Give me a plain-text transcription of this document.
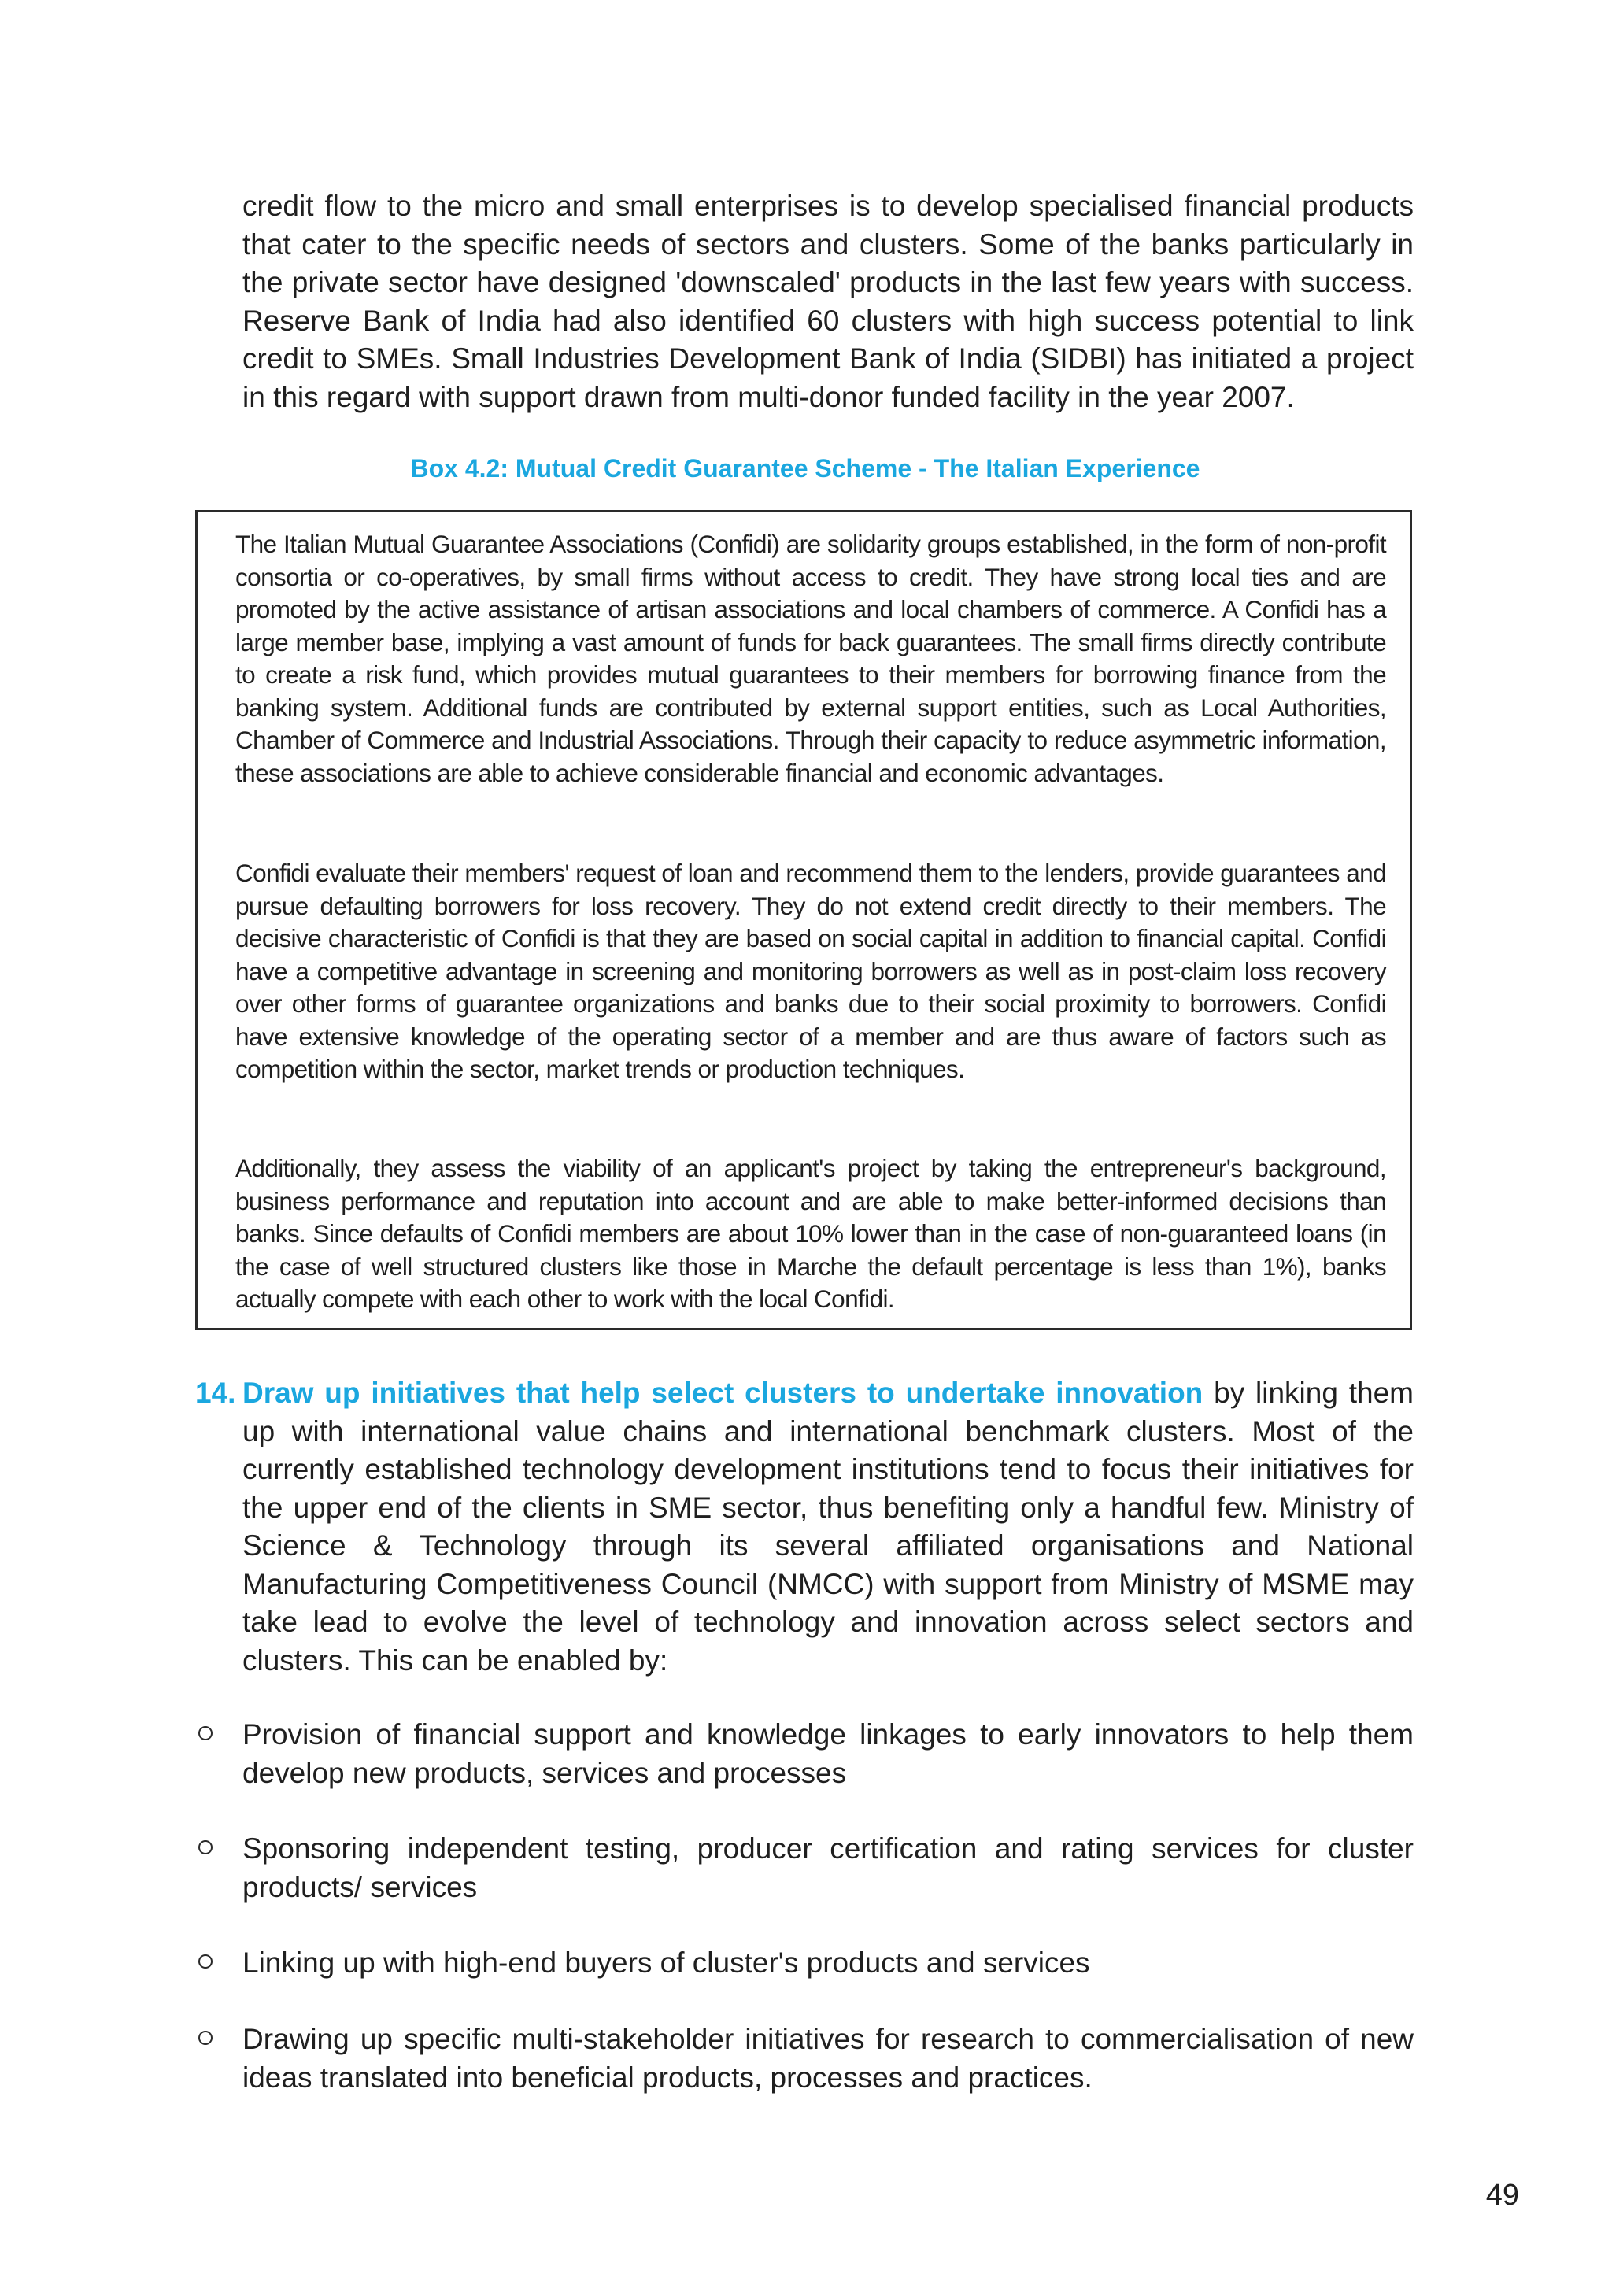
credit flow to the micro and small enterprises is to develop specialised financial products that cater to the specific needs of sectors and clusters. Some of the banks particularly in the private sector have designed 'downscaled' products in the last few years with success. Reserve Bank of India had also identified 60 clusters with high success potential to link credit to SMEs. Small Industries Development Bank of India (SIDBI) has initiated a project in this regard with support drawn from multi-donor funded facility in the year 2007.

Box 4.2: Mutual Credit Guarantee Scheme - The Italian Experience

The Italian Mutual Guarantee Associations (Confidi) are solidarity groups established, in the form of non-profit consortia or co-operatives, by small firms without access to credit. They have strong local ties and are promoted by the active assistance of artisan associations and local chambers of commerce. A Confidi has a large member base, implying a vast amount of funds for back guarantees. The small firms directly contribute to create a risk fund, which provides mutual guarantees to their members for borrowing finance from the banking system. Additional funds are contributed by external support entities, such as Local Authorities, Chamber of Commerce and Industrial Associations. Through their capacity to reduce asymmetric information, these associations are able to achieve considerable financial and economic advantages.

Confidi evaluate their members' request of loan and recommend them to the lenders, provide guarantees and pursue defaulting borrowers for loss recovery. They do not extend credit directly to their members. The decisive characteristic of Confidi is that they are based on social capital in addition to financial capital. Confidi have a competitive advantage in screening and monitoring borrowers as well as in post-claim loss recovery over other forms of guarantee organizations and banks due to their social proximity to borrowers. Confidi have extensive knowledge of the operating sector of a member and are thus aware of factors such as competition within the sector, market trends or production techniques.

Additionally, they assess the viability of an applicant's project by taking the entrepreneur's background, business performance and reputation into account and are able to make better-informed decisions than banks. Since defaults of Confidi members are about 10% lower than in the case of non-guaranteed loans (in the case of well structured clusters like those in Marche the default percentage is less than 1%), banks actually compete with each other to work with the local Confidi.

14. Draw up initiatives that help select clusters to undertake innovation by linking them up with international value chains and international benchmark clusters. Most of the currently established technology development institutions tend to focus their initiatives for the upper end of the clients in SME sector, thus benefiting only a handful few. Ministry of Science & Technology through its several affiliated organisations and National Manufacturing Competitiveness Council (NMCC) with support from Ministry of MSME may take lead to evolve the level of technology and innovation across select sectors and clusters. This can be enabled by:

Provision of financial support and knowledge linkages to early innovators to help them develop new products, services and processes

Sponsoring independent testing, producer certification and rating services for cluster products/ services

Linking up with high-end buyers of cluster's products and services

Drawing up specific multi-stakeholder initiatives for research to commercialisation of new ideas translated into beneficial products, processes and practices.

49
